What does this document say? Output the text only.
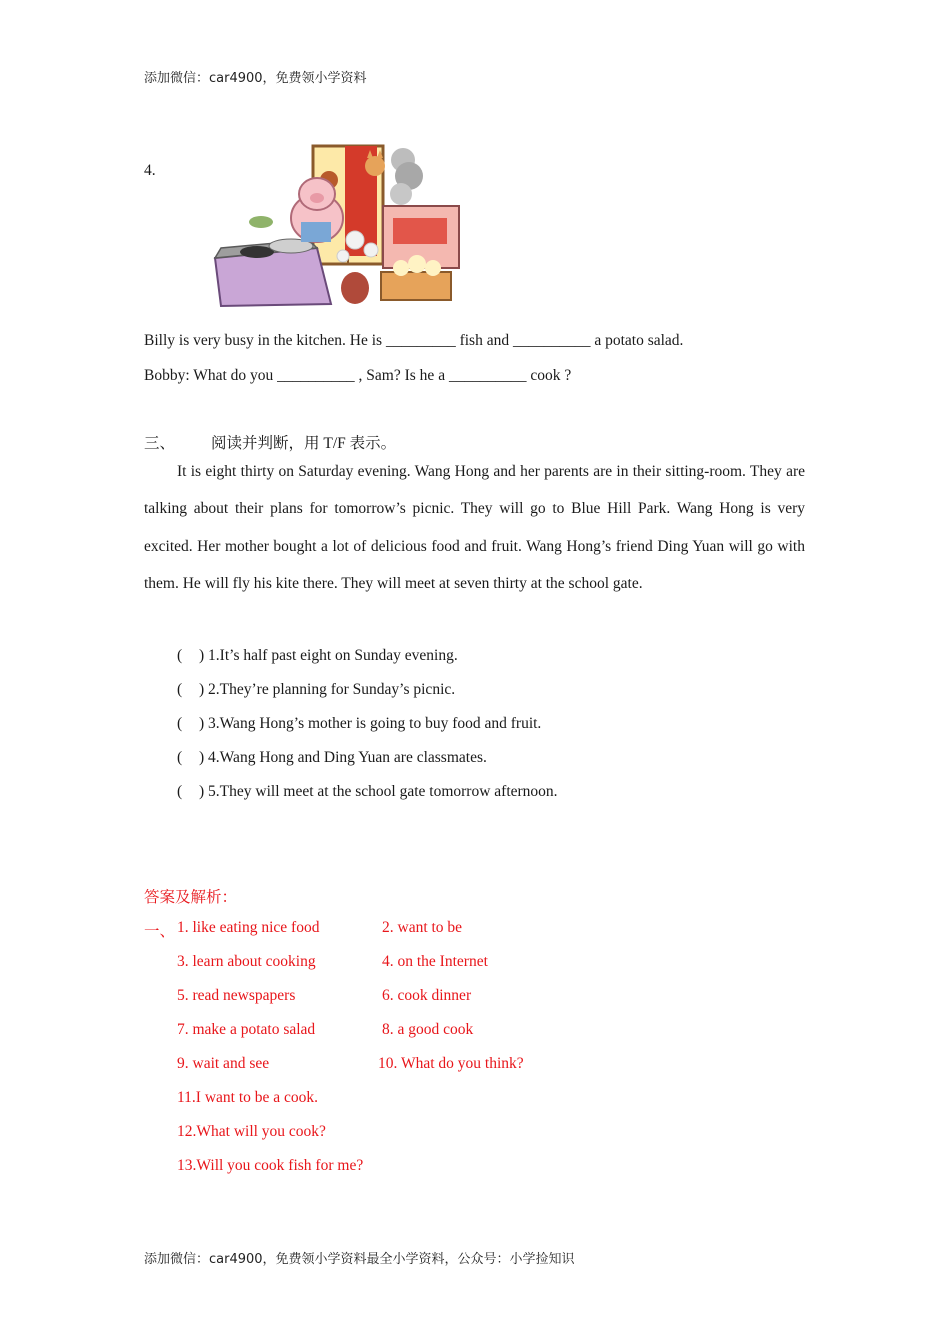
添加微信：car4900，免费领小学资料
4.
Billy is very busy in the kitchen. He is _________ fish and __________ a potato salad.
Bobby: What do you __________ , Sam? Is he a __________ cook ?
三、 阅读并判断，用 T/F 表示。

It is eight thirty on Saturday evening. Wang Hong and her parents are in their sitting-room. They are talking about their plans for tomorrow’s picnic. They will go to Blue Hill Park. Wang Hong is very excited. Her mother bought a lot of delicious food and fruit. Wang Hong’s friend Ding Yuan will go with them. He will fly his kite there. They will meet at seven thirty at the school gate.

( ) 1.It’s half past eight on Sunday evening.
( ) 2.They’re planning for Sunday’s picnic.
( ) 3.Wang Hong’s mother is going to buy food and fruit.
( ) 4.Wang Hong and Ding Yuan are classmates.
( ) 5.They will meet at the school gate tomorrow afternoon.
答案及解析：
一、 1. like eating nice food	2. want to be
3. learn about cooking	4. on the Internet
5. read newspapers	6. cook dinner
7. make a potato salad	8. a good cook
9. wait and see	10. What do you think?
11.I want to be a cook.
12.What will you cook?
13.Will you cook fish for me?
添加微信：car4900，免费领小学资料最全小学资料，公众号：小学捡知识
